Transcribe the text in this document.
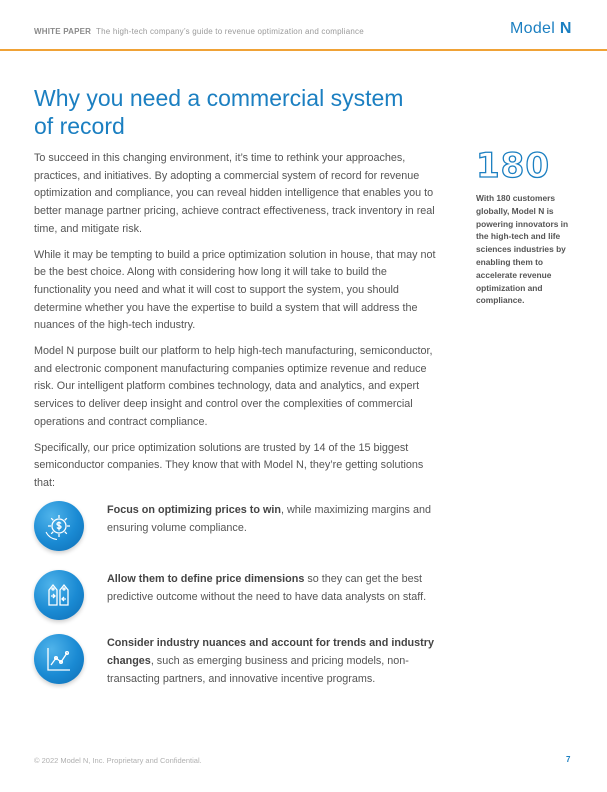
WHITE PAPER The high-tech company’s guide to revenue optimization and compliance	Model N
Why you need a commercial system of record

To succeed in this changing environment, it’s time to rethink your approaches, practices, and initiatives. By adopting a commercial system of record for revenue optimization and compliance, you can reveal hidden intelligence that enables you to better manage partner pricing, achieve contract effectiveness, track inventory in real time, and mitigate risk.

While it may be tempting to build a price optimization solution in house, that may not be the best choice. Along with considering how long it will take to build the functionality you need and what it will cost to support the system, you should determine whether you have the expertise to build a system that will address the nuances of the high-tech industry.

Model N purpose built our platform to help high-tech manufacturing, semiconductor, and electronic component manufacturing companies optimize revenue and reduce risk. Our intelligent platform combines technology, data and analytics, and expert services to deliver deep insight and control over the complexities of commercial operations and contract compliance.

Specifically, our price optimization solutions are trusted by 14 of the 15 biggest semiconductor companies. They know that with Model N, they’re getting solutions that:

180
With 180 customers globally, Model N is powering innovators in the high-tech and life sciences industries by enabling them to accelerate revenue optimization and compliance.
Focus on optimizing prices to win, while maximizing margins and ensuring volume compliance.
Allow them to define price dimensions so they can get the best predictive outcome without the need to have data analysts on staff.
Consider industry nuances and account for trends and industry changes, such as emerging business and pricing models, non-transacting partners, and innovative incentive programs.
© 2022 Model N, Inc. Proprietary and Confidential.	7
